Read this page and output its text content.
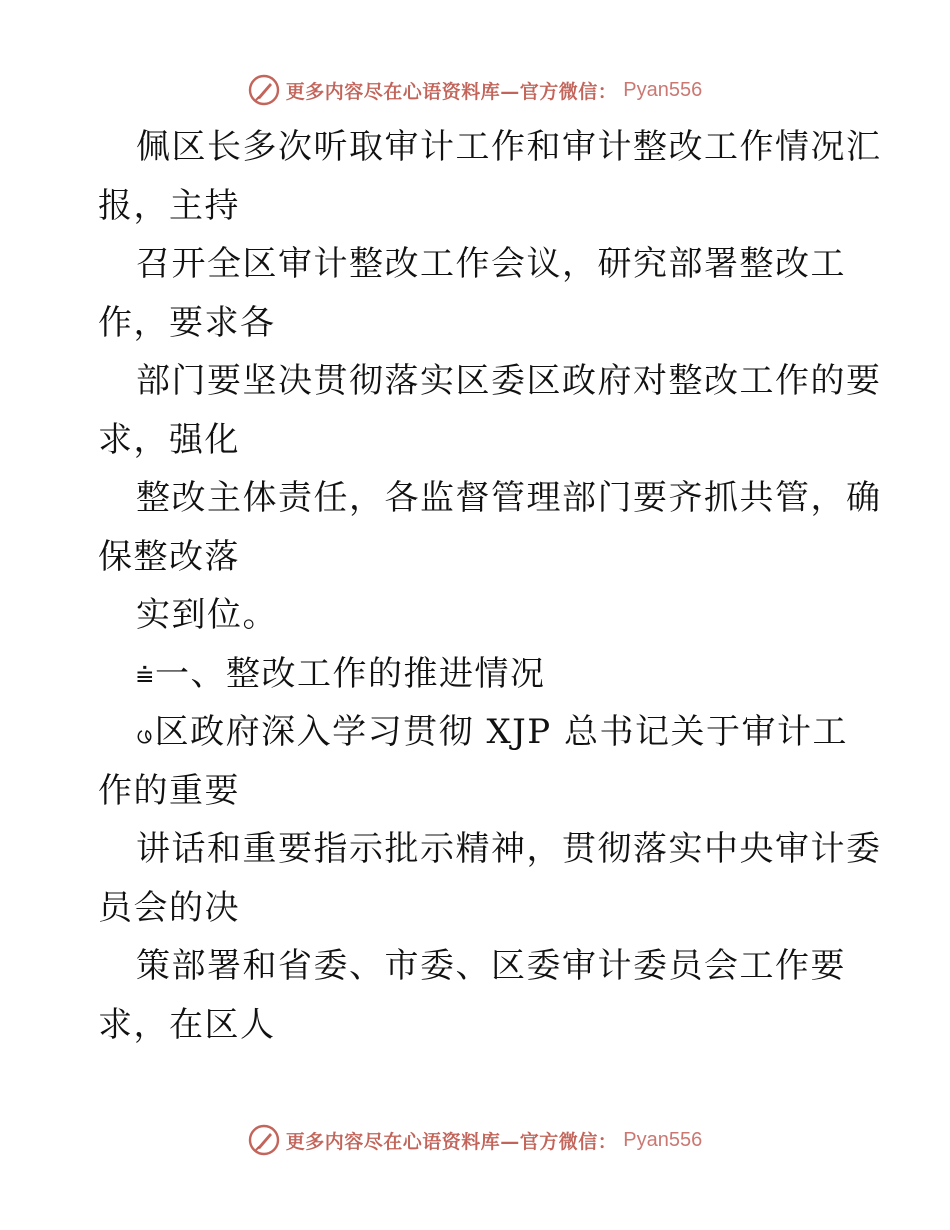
更多内容尽在心语资料库—官方微信： Pyan556
佩区长多次听取审计工作和审计整改工作情况汇
报，主持
召开全区审计整改工作会议，研究部署整改工
作，要求各
部门要坚决贯彻落实区委区政府对整改工作的要
求，强化
整改主体责任，各监督管理部门要齐抓共管，确
保整改落
实到位。
⩧一、整改工作的推进情况
ဖ区政府深入学习贯彻 XJP 总书记关于审计工
作的重要
讲话和重要指示批示精神，贯彻落实中央审计委
员会的决
策部署和省委、市委、区委审计委员会工作要
求，在区人
更多内容尽在心语资料库—官方微信： Pyan556
